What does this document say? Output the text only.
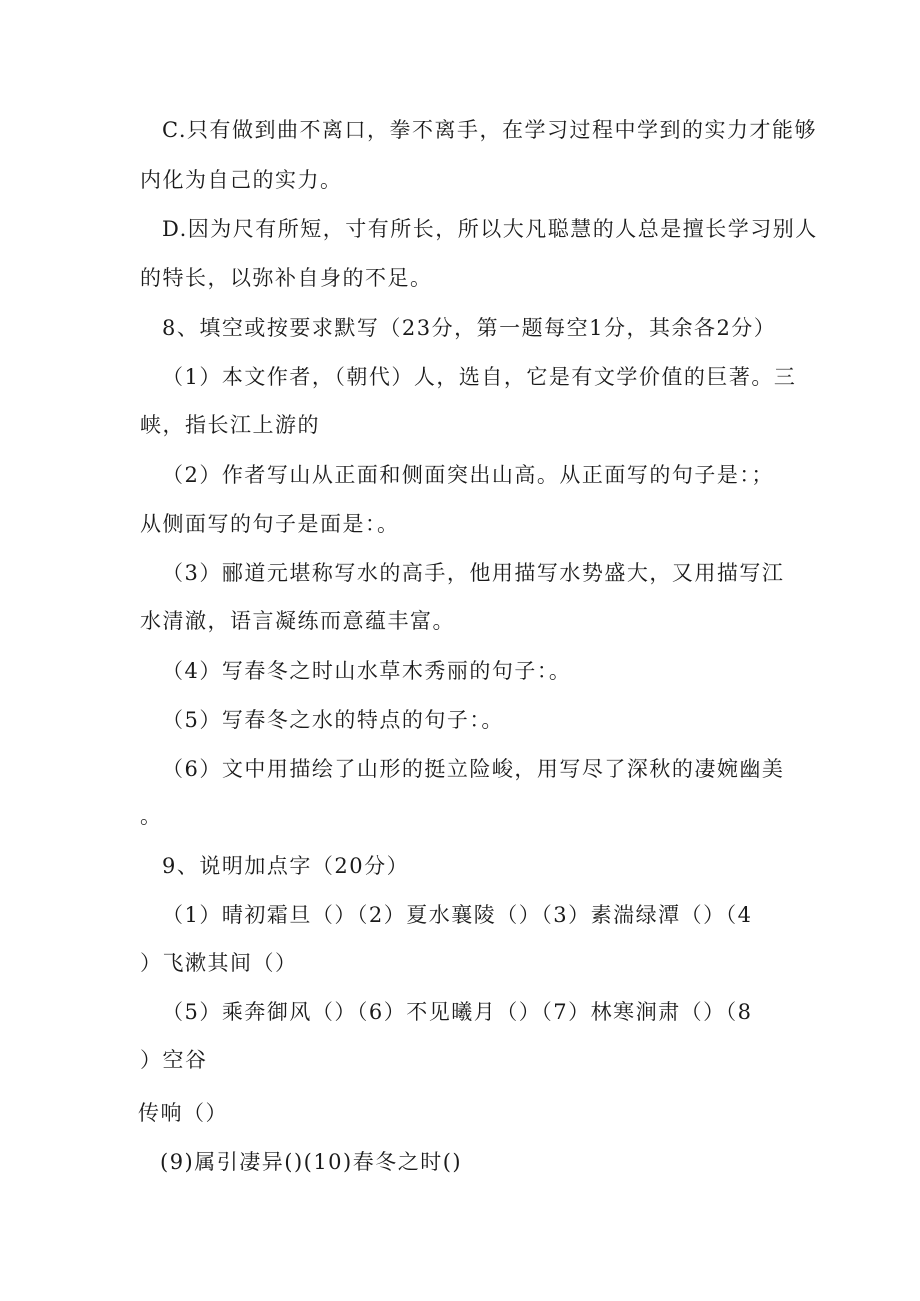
C.只有做到曲不离口，拳不离手，在学习过程中学到的实力才能够
内化为自己的实力。
D.因为尺有所短，寸有所长，所以大凡聪慧的人总是擅长学习别人
的特长，以弥补自身的不足。
8、填空或按要求默写（23分，第一题每空1分，其余各2分）
（1）本文作者，（朝代）人，选自，它是有文学价值的巨著。三
峡，指长江上游的
（2）作者写山从正面和侧面突出山高。从正面写的句子是：；
从侧面写的句子是面是：。
（3）郦道元堪称写水的高手，他用描写水势盛大，又用描写江
水清澈，语言凝练而意蕴丰富。
（4）写春冬之时山水草木秀丽的句子：。
（5）写春冬之水的特点的句子：。
（6）文中用描绘了山形的挺立险峻，用写尽了深秋的凄婉幽美
。
9、说明加点字（20分）
（1）晴初霜旦（）（2）夏水襄陵（）（3）素湍绿潭（）（4
）飞漱其间（）
（5）乘奔御风（）（6）不见曦月（）（7）林寒涧肃（）（8
）空谷
传响（）
(9)属引凄异()(10)春冬之时()
